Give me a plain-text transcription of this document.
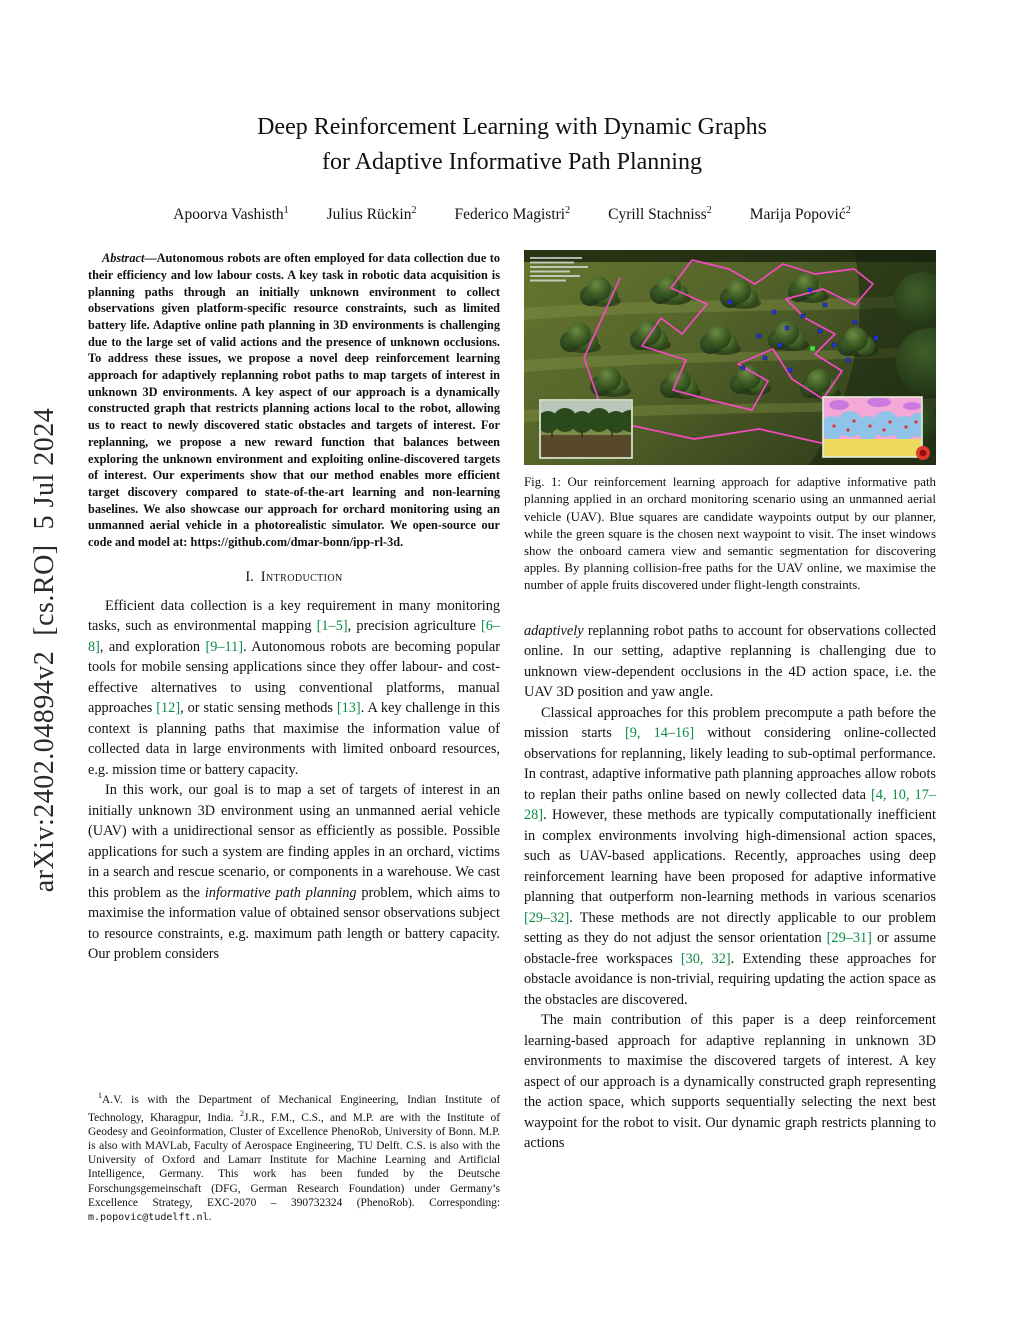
arXiv:2402.04894v2  [cs.RO]  5 Jul 2024
Deep Reinforcement Learning with Dynamic Graphs
for Adaptive Informative Path Planning
Apoorva Vashisth$^1$ Julius Rückin$^2$ Federico Magistri$^2$ Cyrill Stachniss$^2$ Marija Popović$^2$

Abstract—Autonomous robots are often employed for data collection due to their efficiency and low labour costs. A key task in robotic data acquisition is planning paths through an initially unknown environment to collect observations given platform-specific resource constraints, such as limited battery life. Adaptive online path planning in 3D environments is challenging due to the large set of valid actions and the presence of unknown occlusions. To address these issues, we propose a novel deep reinforcement learning approach for adaptively replanning robot paths to map targets of interest in unknown 3D environments. A key aspect of our approach is a dynamically constructed graph that restricts planning actions local to the robot, allowing us to react to newly discovered static obstacles and targets of interest. For replanning, we propose a new reward function that balances between exploring the unknown environment and exploiting online-discovered targets of interest. Our experiments show that our method enables more efficient target discovery compared to state-of-the-art learning and non-learning baselines. We also showcase our approach for orchard monitoring using an unmanned aerial vehicle in a photorealistic simulator. We open-source our code and model at: https://github.com/dmar-bonn/ipp-rl-3d.

I. Introduction

Efficient data collection is a key requirement in many monitoring tasks, such as environmental mapping [1–5], precision agriculture [6–8], and exploration [9–11]. Autonomous robots are becoming popular tools for mobile sensing applications since they offer labour- and cost-effective alternatives to using conventional platforms, manual approaches [12], or static sensing methods [13]. A key challenge in this context is planning paths that maximise the information value of collected data in large environments with limited onboard resources, e.g. mission time or battery capacity.

In this work, our goal is to map a set of targets of interest in an initially unknown 3D environment using an unmanned aerial vehicle (UAV) with a unidirectional sensor as efficiently as possible. Possible applications for such a system are finding apples in an orchard, victims in a search and rescue scenario, or components in a warehouse. We cast this problem as the informative path planning problem, which aims to maximise the information value of obtained sensor observations subject to resource constraints, e.g. maximum path length or battery capacity. Our problem considers

$^1$A.V. is with the Department of Mechanical Engineering, Indian Institute of Technology, Kharagpur, India. $^2$J.R., F.M., C.S., and M.P. are with the Institute of Geodesy and Geoinformation, Cluster of Excellence PhenoRob, University of Bonn. M.P. is also with MAVLab, Faculty of Aerospace Engineering, TU Delft. C.S. is also with the University of Oxford and Lamarr Institute for Machine Learning and Artificial Intelligence, Germany. This work has been funded by the Deutsche Forschungsgemeinschaft (DFG, German Research Foundation) under Germany’s Excellence Strategy, EXC-2070 – 390732324 (PhenoRob). Corresponding: m.popovic@tudelft.nl.
Fig. 1: Our reinforcement learning approach for adaptive informative path planning applied in an orchard monitoring scenario using an unmanned aerial vehicle (UAV). Blue squares are candidate waypoints output by our planner, while the green square is the chosen next waypoint to visit. The inset windows show the onboard camera view and semantic segmentation for discovering apples. By planning collision-free paths for the UAV online, we maximise the number of apple fruits discovered under flight-length constraints.

adaptively replanning robot paths to account for observations collected online. In our setting, adaptive replanning is challenging due to unknown view-dependent occlusions in the 4D action space, i.e. the UAV 3D position and yaw angle.

Classical approaches for this problem precompute a path before the mission starts [9, 14–16] without considering online-collected observations for replanning, likely leading to sub-optimal performance. In contrast, adaptive informative path planning approaches allow robots to replan their paths online based on newly collected data [4, 10, 17–28]. However, these methods are typically computationally inefficient in complex environments involving high-dimensional action spaces, such as UAV-based applications. Recently, approaches using deep reinforcement learning have been proposed for adaptive informative planning that outperform non-learning methods in various scenarios [29–32]. These methods are not directly applicable to our problem setting as they do not adjust the sensor orientation [29–31] or assume obstacle-free workspaces [30, 32]. Extending these approaches for obstacle avoidance is non-trivial, requiring updating the action space as the obstacles are discovered.

The main contribution of this paper is a deep reinforcement learning-based approach for adaptive replanning in unknown 3D environments to maximise the discovered targets of interest. A key aspect of our approach is a dynamically constructed graph representing the action space, which supports sequentially selecting the next best waypoint for the robot to visit. Our dynamic graph restricts planning to actions
